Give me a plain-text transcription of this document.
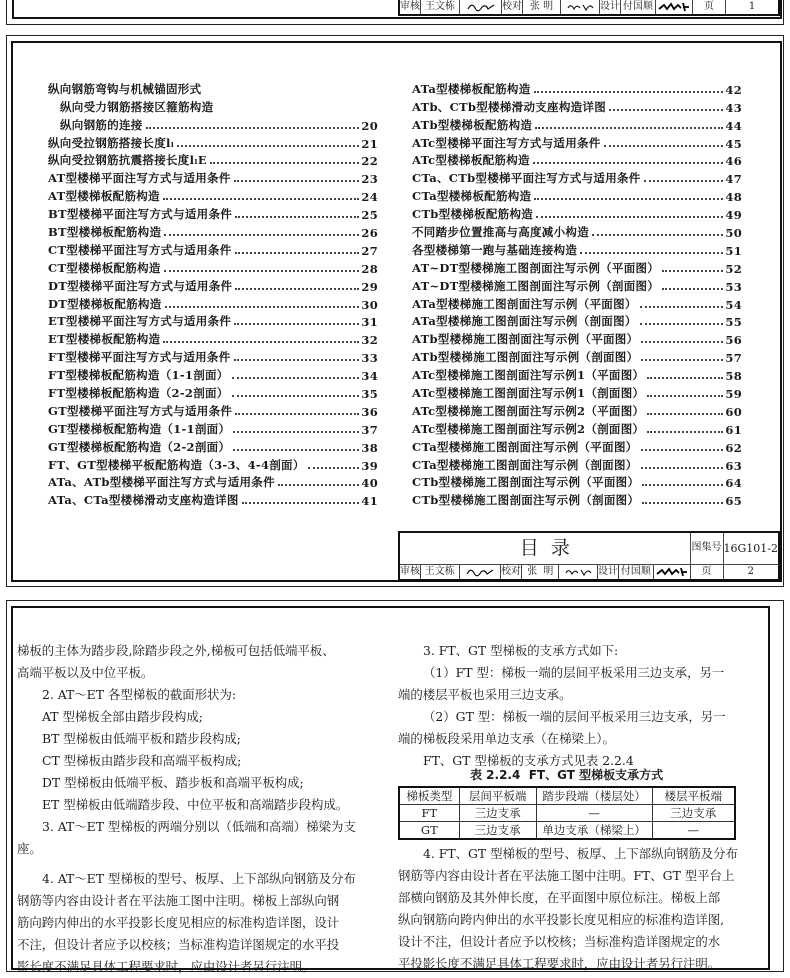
审核	王文栋		校对	张 明		设计	付国顺		页	1
纵向钢筋弯钩与机械锚固形式
纵向受力钢筋搭接区箍筋构造
纵向钢筋的连接	20
纵向受拉钢筋搭接长度lₗ	21
纵向受拉钢筋抗震搭接长度lₗE	22
AT型楼梯平面注写方式与适用条件	23
AT型楼梯板配筋构造	24
BT型楼梯平面注写方式与适用条件	25
BT型楼梯板配筋构造	26
CT型楼梯平面注写方式与适用条件	27
CT型楼梯板配筋构造	28
DT型楼梯平面注写方式与适用条件	29
DT型楼梯板配筋构造	30
ET型楼梯平面注写方式与适用条件	31
ET型楼梯板配筋构造	32
FT型楼梯平面注写方式与适用条件	33
FT型楼梯板配筋构造（1-1剖面）	34
FT型楼梯板配筋构造（2-2剖面）	35
GT型楼梯平面注写方式与适用条件	36
GT型楼梯板配筋构造（1-1剖面）	37
GT型楼梯板配筋构造（2-2剖面）	38
FT、GT型楼梯平板配筋构造（3-3、4-4剖面）	39
ATa、ATb型楼梯平面注写方式与适用条件	40
ATa、CTa型楼梯滑动支座构造详图	41
ATa型楼梯板配筋构造	42
ATb、CTb型楼梯滑动支座构造详图	43
ATb型楼梯板配筋构造	44
ATc型楼梯平面注写方式与适用条件	45
ATc型楼梯板配筋构造	46
CTa、CTb型楼梯平面注写方式与适用条件	47
CTa型楼梯板配筋构造	48
CTb型楼梯板配筋构造	49
不同踏步位置推高与高度减小构造	50
各型楼梯第一跑与基础连接构造	51
AT~DT型楼梯施工图剖面注写示例（平面图）	52
AT~DT型楼梯施工图剖面注写示例（剖面图）	53
ATa型楼梯施工图剖面注写示例（平面图）	54
ATa型楼梯施工图剖面注写示例（剖面图）	55
ATb型楼梯施工图剖面注写示例（平面图）	56
ATb型楼梯施工图剖面注写示例（剖面图）	57
ATc型楼梯施工图剖面注写示例1（平面图）	58
ATc型楼梯施工图剖面注写示例1（剖面图）	59
ATc型楼梯施工图剖面注写示例2（平面图）	60
ATc型楼梯施工图剖面注写示例2（剖面图）	61
CTa型楼梯施工图剖面注写示例（平面图）	62
CTa型楼梯施工图剖面注写示例（剖面图）	63
CTb型楼梯施工图剖面注写示例（平面图）	64
CTb型楼梯施工图剖面注写示例（剖面图）	65
目  录									图集号	16G101-2
审核	王文栋		校对	张  明		设计	付国顺		页	2
梯板的主体为踏步段,除踏步段之外,梯板可包括低端平板、
高端平板以及中位平板。
2. AT～ET 各型梯板的截面形状为:
AT 型梯板全部由踏步段构成;
BT 型梯板由低端平板和踏步段构成;
CT 型梯板由踏步段和高端平板构成;
DT 型梯板由低端平板、踏步板和高端平板构成;
ET 型梯板由低端踏步段、中位平板和高端踏步段构成。
3. AT～ET 型梯板的两端分别以（低端和高端）梯梁为支
座。
4. AT～ET 型梯板的型号、板厚、上下部纵向钢筋及分布
钢筋等内容由设计者在平法施工图中注明。梯板上部纵向钢
筋向跨内伸出的水平投影长度见相应的标准构造详图，设计
不注，但设计者应予以校核；当标准构造详图规定的水平投
影长度不满足具体工程要求时，应由设计者另行注明。
3. FT、GT 型梯板的支承方式如下:
（1）FT 型：梯板一端的层间平板采用三边支承，另一
端的楼层平板也采用三边支承。
（2）GT 型：梯板一端的层间平板采用三边支承，另一
端的梯板段采用单边支承（在梯梁上）。
FT、GT 型梯板的支承方式见表 2.2.4
表 2.2.4  FT、GT 型梯板支承方式
梯板类型	层间平板端	踏步段端（楼层处）	楼层平板端
FT	三边支承	—	三边支承
GT	三边支承	单边支承（梯梁上）	—
4. FT、GT 型梯板的型号、板厚、上下部纵向钢筋及分布
钢筋等内容由设计者在平法施工图中注明。FT、GT 型平台上
部横向钢筋及其外伸长度，在平面图中原位标注。梯板上部
纵向钢筋向跨内伸出的水平投影长度见相应的标准构造详图,
设计不注，但设计者应予以校核；当标准构造详图规定的水
平投影长度不满足具体工程要求时，应由设计者另行注明。
